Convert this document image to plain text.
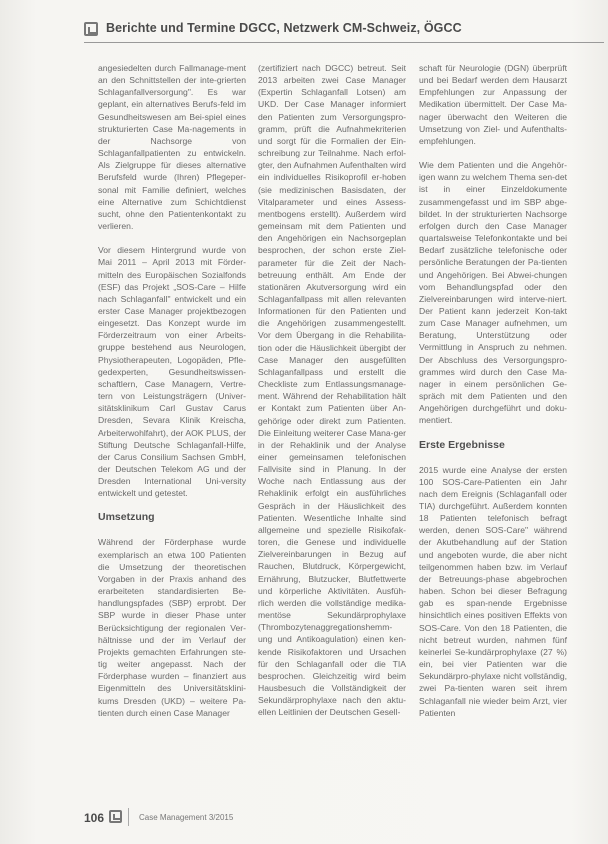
Berichte und Termine DGCC, Netzwerk CM-Schweiz, ÖGCC

angesiedelten durch Fallmanage-ment an den Schnittstellen der inte-grierten Schlaganfallversorgung". Es war geplant, ein alternatives Berufs-feld im Gesundheitswesen am Bei-spiel eines strukturierten Case Ma-nagements in der Nachsorge von Schlaganfallpatienten zu entwickeln. Als Zielgruppe für dieses alternative Berufsfeld wurde (Ihren) Pflegeper-sonal mit Familie definiert, welches eine Alternative zum Schichtdienst sucht, ohne den Patientenkontakt zu verlieren.

Vor diesem Hintergrund wurde von Mai 2011 – April 2013 mit Förder-mitteln des Europäischen Sozialfonds (ESF) das Projekt „SOS-Care – Hilfe nach Schlaganfall" entwickelt und ein erster Case Manager projektbezogen eingesetzt. Das Konzept wurde im Förderzeitraum von einer Arbeits-gruppe bestehend aus Neurologen, Physiotherapeuten, Logopäden, Pfle-gedexperten, Gesundheitswissen-schaftlern, Case Managern, Vertre-tern von Leistungsträgern (Univer-sitätsklinikum Carl Gustav Carus Dresden, Sevara Klinik Kreischa, Arbeiterwohlfahrt), der AOK PLUS, der Stiftung Deutsche Schlaganfall-Hilfe, der Carus Consilium Sachsen GmbH, der Deutschen Telekom AG und der Dresden International Uni-versity entwickelt und getestet.

Umsetzung

Während der Förderphase wurde exemplarisch an etwa 100 Patienten die Umsetzung der theoretischen Vorgaben in der Praxis anhand des erarbeiteten standardisierten Be-handlungspfades (SBP) erprobt. Der SBP wurde in dieser Phase unter Berücksichtigung der regionalen Ver-hältnisse und der im Verlauf der Projekts gemachten Erfahrungen ste-tig weiter angepasst. Nach der Förderphase wurden – finanziert aus Eigenmitteln des Universitätsklini-kums Dresden (UKD) – weitere Pa-tienten durch einen Case Manager

(zertifiziert nach DGCC) betreut. Seit 2013 arbeiten zwei Case Manager (Expertin Schlaganfall Lotsen) am UKD. Der Case Manager informiert den Patienten zum Versorgungspro-gramm, prüft die Aufnahmekriterien und sorgt für die Formalien der Ein-schreibung zur Teilnahme. Nach erfol-gter, den Aufnahmen Aufenthalten wird ein individuelles Risikoprofil er-hoben (sie medizinischen Basisdaten, der Vitalparameter und eines Assess-mentbogens erstellt). Außerdem wird gemeinsam mit dem Patienten und den Angehörigen ein Nachsorgeplan besprochen, der schon erste Ziel-parameter für die Zeit der Nach-betreuung enthält. Am Ende der stationären Akutversorgung wird ein Schlaganfallpass mit allen relevanten Informationen für den Patienten und die Angehörigen zusammengestellt. Vor dem Übergang in die Rehabilita-tion oder die Häuslichkeit übergibt der Case Manager den ausgefüllten Schlaganfallpass und erstellt die Checkliste zum Entlassungsmanage-ment. Während der Rehabilitation hält er Kontakt zum Patienten über An-gehörige oder direkt zum Patienten. Die Einleitung weiterer Case Mana-ger in der Rehaklinik und der Analyse einer gemeinsamen telefonischen Fallvisite sind in Planung. In der Woche nach Entlassung aus der Rehaklinik erfolgt ein ausführliches Gespräch in der Häuslichkeit des Patienten. Wesentliche Inhalte sind allgemeine und spezielle Risikofak-toren, die Genese und individuelle Zielvereinbarungen in Bezug auf Rauchen, Blutdruck, Körpergewicht, Ernährung, Blutzucker, Blutfettwerte und körperliche Aktivitäten. Ausfüh-rlich werden die vollständige medika-mentöse Sekundärprophylaxe (Thrombozytenaggregationshemm-ung und Antikoagulation) einen ken-kende Risikofaktoren und Ursachen für den Schlaganfall oder die TIA besprochen. Gleichzeitig wird beim Hausbesuch die Vollständigkeit der Sekundärprophylaxe nach den aktu-ellen Leitlinien der Deutschen Gesell-

schaft für Neurologie (DGN) überprüft und bei Bedarf werden dem Hausarzt Empfehlungen zur Anpassung der Medikation übermittelt. Der Case Ma-nager überwacht den Weiteren die Umsetzung von Ziel- und Aufenthalts-empfehlungen.

Wie dem Patienten und die Angehör-igen wann zu welchem Thema sen-det ist in einer Einzeldokumente zusammengefasst und im SBP abge-bildet. In der strukturierten Nachsorge erfolgen durch den Case Manager quartalsweise Telefonkontakte und bei Bedarf zusätzliche telefonische oder persönliche Beratungen der Pa-tienten und Angehörigen. Bei Abwei-chungen vom Behandlungspfad oder den Zielvereinbarungen wird interve-niert. Der Patient kann jederzeit Kon-takt zum Case Manager aufnehmen, um Beratung, Unterstützung oder Vermittlung in Anspruch zu nehmen. Der Abschluss des Versorgungspro-grammes wird durch den Case Ma-nager in einem persönlichen Ge-spräch mit dem Patienten und den Angehörigen durchgeführt und doku-mentiert.

Erste Ergebnisse

2015 wurde eine Analyse der ersten 100 SOS-Care-Patienten ein Jahr nach dem Ereignis (Schlaganfall oder TIA) durchgeführt. Außerdem konnten 18 Patienten telefonisch befragt werden, denen SOS-Care" während der Akutbehandlung auf der Station und angeboten wurde, die aber nicht teilgenommen haben bzw. im Verlauf der Betreuungs-phase abgebrochen haben. Schon bei dieser Befragung gab es span-nende Ergebnisse hinsichtlich eines positiven Effekts von SOS-Care. Von den 18 Patienten, die nicht betreut wurden, nahmen fünf keinerlei Se-kundärprophylaxe (27 %) ein, bei vier Patienten war die Sekundärpro-phylaxe nicht vollständig, zwei Pa-tienten waren seit ihrem Schlaganfall nie wieder beim Arzt, vier Patienten

106	Case Management 3/2015
